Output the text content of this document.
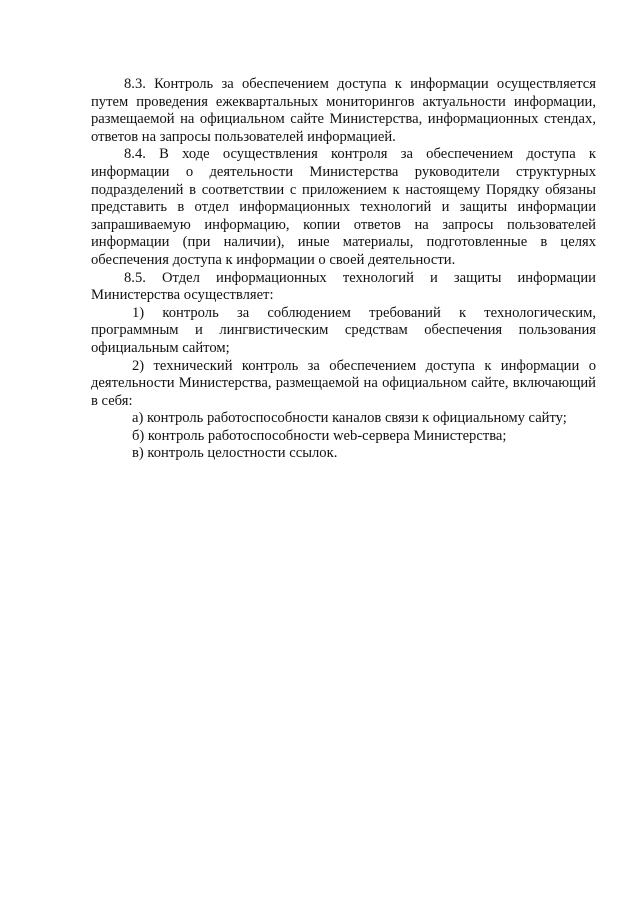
8.3. Контроль за обеспечением доступа к информации осуществляется путем проведения ежеквартальных мониторингов актуальности информации, размещаемой на официальном сайте Министерства, информационных стендах, ответов на запросы пользователей информацией.

8.4. В ходе осуществления контроля за обеспечением доступа к информации о деятельности Министерства руководители структурных подразделений в соответствии с приложением к настоящему Порядку обязаны представить в отдел информационных технологий и защиты информации запрашиваемую информацию, копии ответов на запросы пользователей информации (при наличии), иные материалы, подготовленные в целях обеспечения доступа к информации о своей деятельности.

8.5. Отдел информационных технологий и защиты информации Министерства осуществляет:

1) контроль за соблюдением требований к технологическим, программным и лингвистическим средствам обеспечения пользования официальным сайтом;

2) технический контроль за обеспечением доступа к информации о деятельности Министерства, размещаемой на официальном сайте, включающий в себя:

а) контроль работоспособности каналов связи к официальному сайту;

б) контроль работоспособности web-сервера Министерства;

в) контроль целостности ссылок.
